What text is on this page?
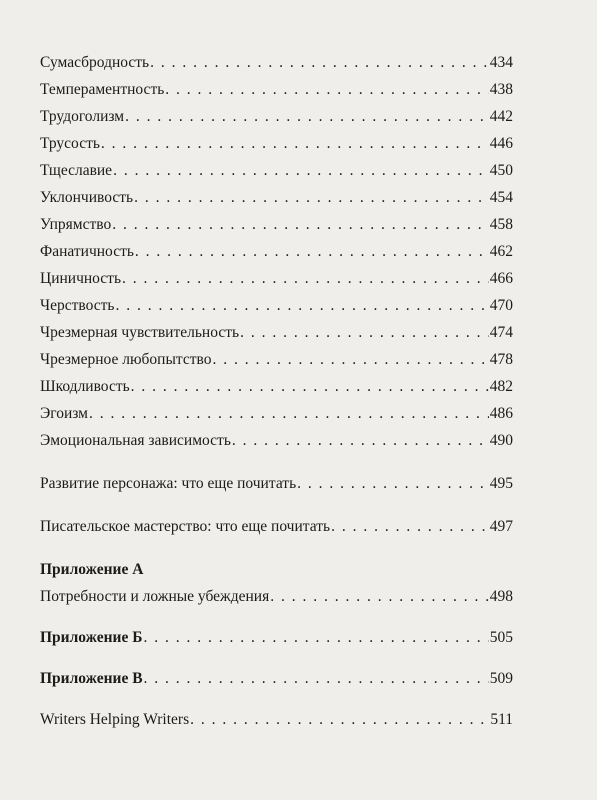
Сумасбродность . . .	434
Темпераментность . . .	438
Трудоголизм . . .	442
Трусость . . .	446
Тщеславие . . .	450
Уклончивость . . .	454
Упрямство . . .	458
Фанатичность . . .	462
Циничность . . .	466
Черствость . . .	470
Чрезмерная чувствительность . . .	474
Чрезмерное любопытство . . .	478
Шкодливость . . .	482
Эгоизм . . .	486
Эмоциональная зависимость . . .	490
Развитие персонажа: что еще почитать . . .	495
Писательское мастерство: что еще почитать . . .	497
Приложение А
Потребности и ложные убеждения . . .	498
Приложение Б . . .	505
Приложение В . . .	509
Writers Helping Writers . . .	511
